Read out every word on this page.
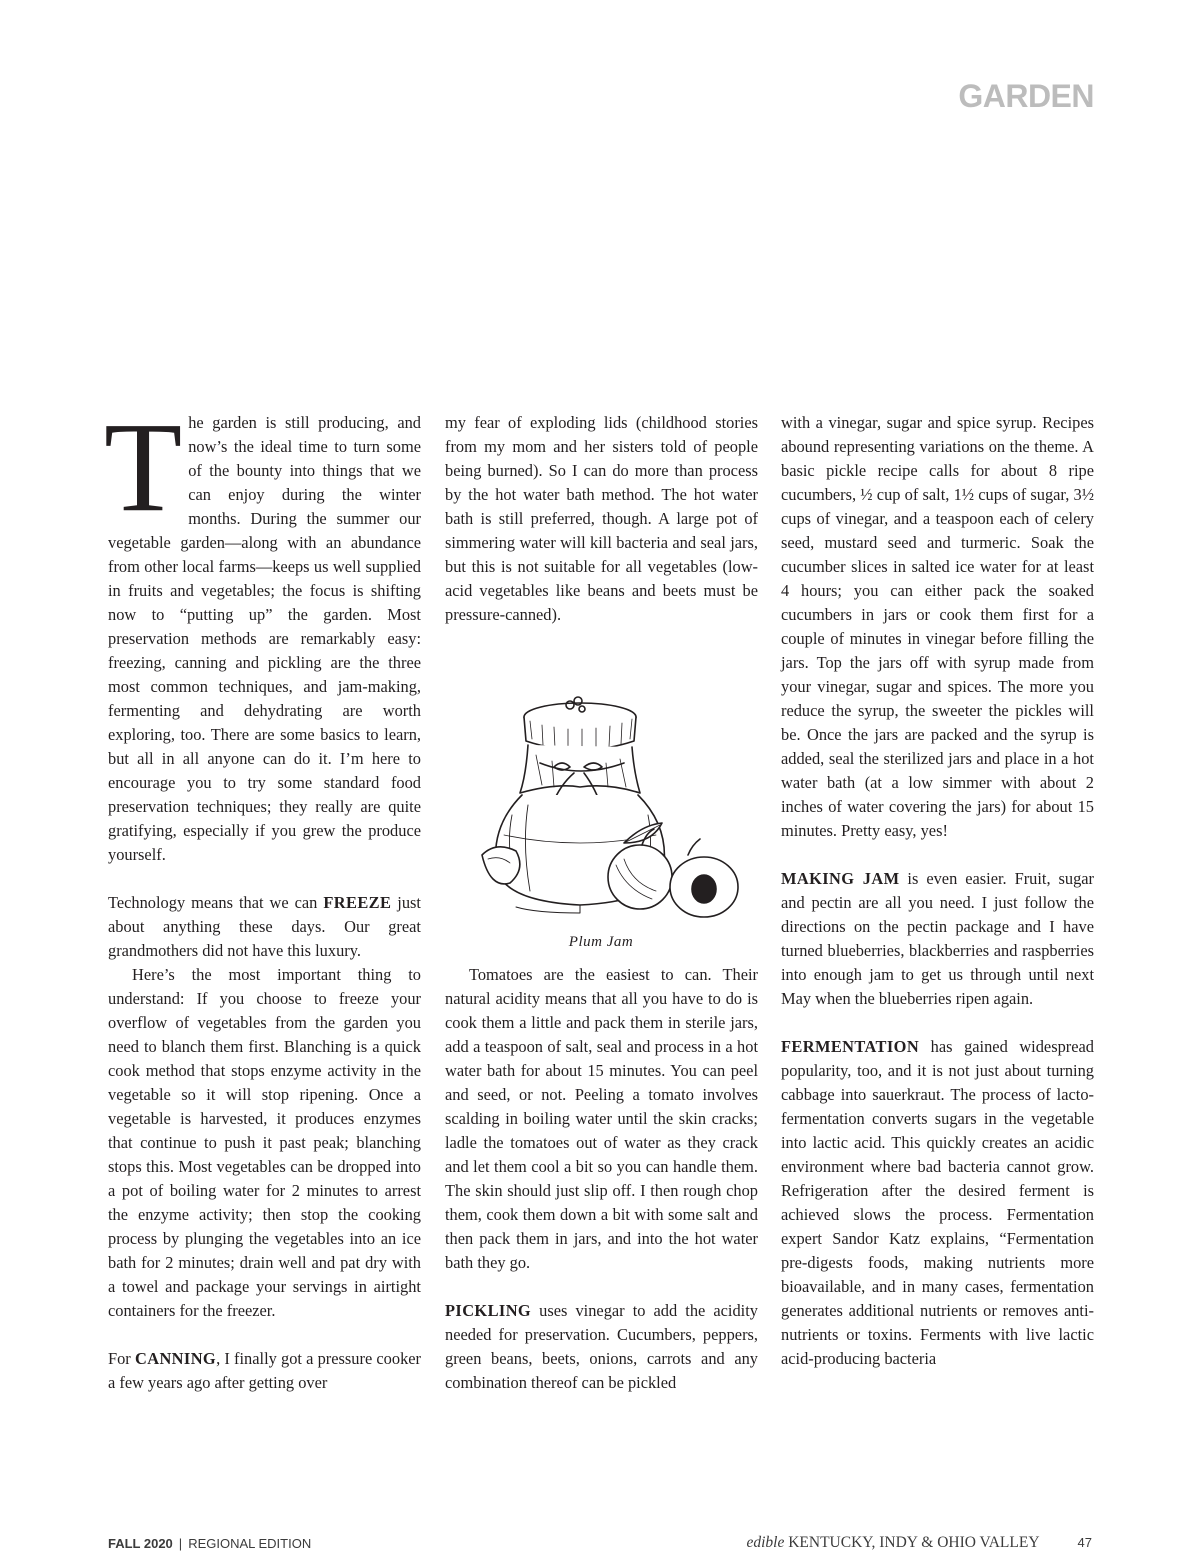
GARDEN

The garden is still producing, and now’s the ideal time to turn some of the bounty into things that we can enjoy during the winter months. During the summer our vegetable garden—along with an abundance from other local farms—keeps us well supplied in fruits and vegetables; the focus is shifting now to “putting up” the garden. Most preservation methods are remarkably easy: freezing, canning and pickling are the three most common techniques, and jam-making, fermenting and dehydrating are worth exploring, too. There are some basics to learn, but all in all anyone can do it. I’m here to encourage you to try some standard food preservation techniques; they really are quite gratifying, especially if you grew the produce yourself.

Technology means that we can FREEZE just about anything these days. Our great grandmothers did not have this luxury.

Here’s the most important thing to understand: If you choose to freeze your overflow of vegetables from the garden you need to blanch them first. Blanching is a quick cook method that stops enzyme activity in the vegetable so it will stop ripening. Once a vegetable is harvested, it produces enzymes that continue to push it past peak; blanching stops this. Most vegetables can be dropped into a pot of boiling water for 2 minutes to arrest the enzyme activity; then stop the cooking process by plunging the vegetables into an ice bath for 2 minutes; drain well and pat dry with a towel and package your servings in airtight containers for the freezer.

For CANNING, I finally got a pressure cooker a few years ago after getting over

my fear of exploding lids (childhood stories from my mom and her sisters told of people being burned). So I can do more than process by the hot water bath method. The hot water bath is still preferred, though. A large pot of simmering water will kill bacteria and seal jars, but this is not suitable for all vegetables (low-acid vegetables like beans and beets must be pressure-canned).

Tomatoes are the easiest to can. Their natural acidity means that all you have to do is cook them a little and pack them in sterile jars, add a teaspoon of salt, seal and process in a hot water bath for about 15 minutes. You can peel and seed, or not. Peeling a tomato involves scalding in boiling water until the skin cracks; ladle the tomatoes out of water as they crack and let them cool a bit so you can handle them. The skin should just slip off. I then rough chop them, cook them down a bit with some salt and then pack them in jars, and into the hot water bath they go.

PICKLING uses vinegar to add the acidity needed for preservation. Cucumbers, peppers, green beans, beets, onions, carrots and any combination thereof can be pickled

Plum Jam

with a vinegar, sugar and spice syrup. Recipes abound representing variations on the theme. A basic pickle recipe calls for about 8 ripe cucumbers, ½ cup of salt, 1½ cups of sugar, 3½ cups of vinegar, and a teaspoon each of celery seed, mustard seed and turmeric. Soak the cucumber slices in salted ice water for at least 4 hours; you can either pack the soaked cucumbers in jars or cook them first for a couple of minutes in vinegar before filling the jars. Top the jars off with syrup made from your vinegar, sugar and spices. The more you reduce the syrup, the sweeter the pickles will be. Once the jars are packed and the syrup is added, seal the sterilized jars and place in a hot water bath (at a low simmer with about 2 inches of water covering the jars) for about 15 minutes. Pretty easy, yes!

MAKING JAM is even easier. Fruit, sugar and pectin are all you need. I just follow the directions on the pectin package and I have turned blueberries, blackberries and raspberries into enough jam to get us through until next May when the blueberries ripen again.

FERMENTATION has gained widespread popularity, too, and it is not just about turning cabbage into sauerkraut. The process of lacto-fermentation converts sugars in the vegetable into lactic acid. This quickly creates an acidic environment where bad bacteria cannot grow. Refrigeration after the desired ferment is achieved slows the process. Fermentation expert Sandor Katz explains, “Fermentation pre-digests foods, making nutrients more bioavailable, and in many cases, fermentation generates additional nutrients or removes anti-nutrients or toxins. Ferments with live lactic acid-producing bacteria

FALL 2020 | REGIONAL EDITION	edible KENTUCKY, INDY & OHIO VALLEY	47
